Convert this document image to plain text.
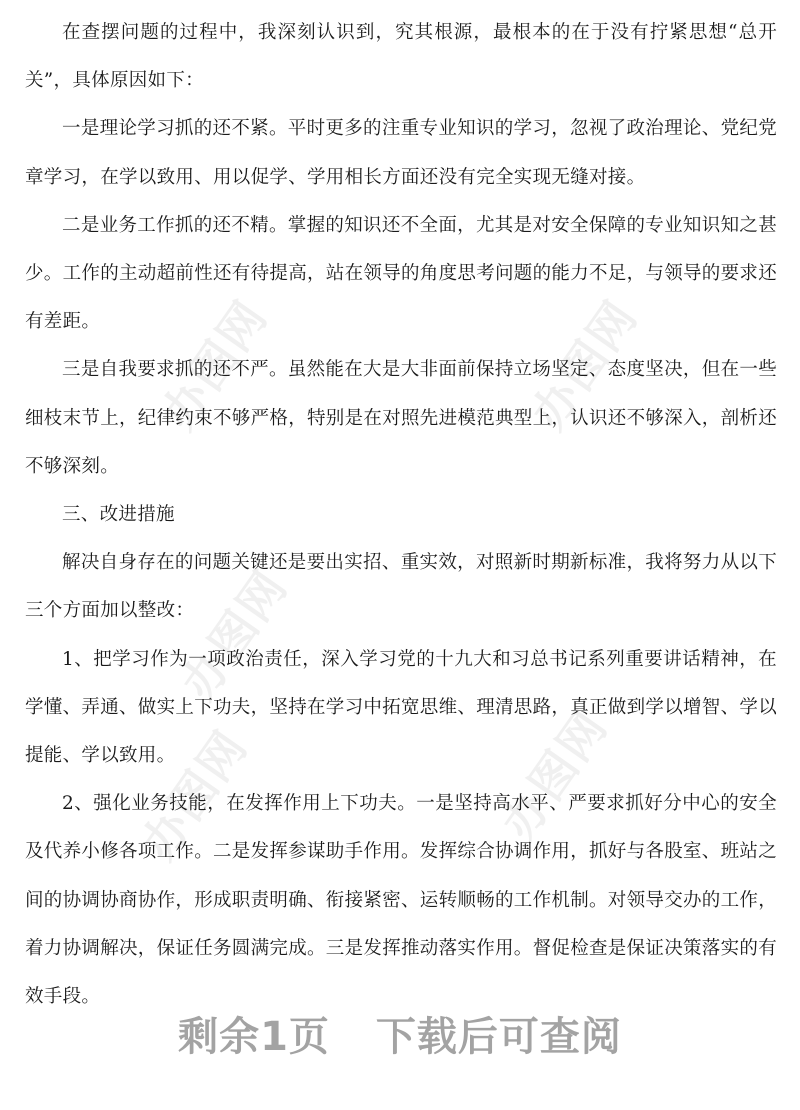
办图网	办图网
办图网
办图网	办图网

在查摆问题的过程中，我深刻认识到，究其根源，最根本的在于没有拧紧思想“总开关”，具体原因如下：

一是理论学习抓的还不紧。平时更多的注重专业知识的学习，忽视了政治理论、党纪党章学习，在学以致用、用以促学、学用相长方面还没有完全实现无缝对接。

二是业务工作抓的还不精。掌握的知识还不全面，尤其是对安全保障的专业知识知之甚少。工作的主动超前性还有待提高，站在领导的角度思考问题的能力不足，与领导的要求还有差距。

三是自我要求抓的还不严。虽然能在大是大非面前保持立场坚定、态度坚决，但在一些细枝末节上，纪律约束不够严格，特别是在对照先进模范典型上，认识还不够深入，剖析还不够深刻。

三、改进措施

解决自身存在的问题关键还是要出实招、重实效，对照新时期新标准，我将努力从以下三个方面加以整改：

1、把学习作为一项政治责任，深入学习党的十九大和习总书记系列重要讲话精神，在学懂、弄通、做实上下功夫，坚持在学习中拓宽思维、理清思路，真正做到学以增智、学以提能、学以致用。

2、强化业务技能，在发挥作用上下功夫。一是坚持高水平、严要求抓好分中心的安全及代养小修各项工作。二是发挥参谋助手作用。发挥综合协调作用，抓好与各股室、班站之间的协调协商协作，形成职责明确、衔接紧密、运转顺畅的工作机制。对领导交办的工作，着力协调解决，保证任务圆满完成。三是发挥推动落实作用。督促检查是保证决策落实的有效手段。

剩余1页 下载后可查阅
